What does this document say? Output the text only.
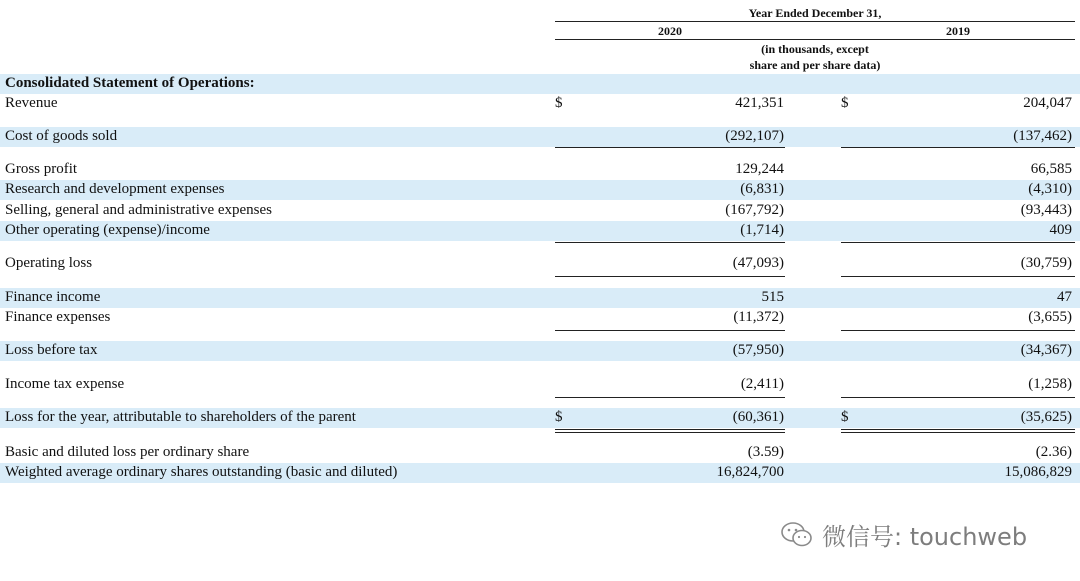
Year Ended December 31,
2020	2019
(in thousands, except
share and per share data)
Consolidated Statement of Operations:
Revenue	$	421,351	$	204,047
Cost of goods sold	(292,107)	(137,462)
Gross profit	129,244	66,585
Research and development expenses	(6,831)	(4,310)
Selling, general and administrative expenses	(167,792)	(93,443)
Other operating (expense)/income	(1,714)	409
Operating loss	(47,093)	(30,759)
Finance income	515	47
Finance expenses	(11,372)	(3,655)
Loss before tax	(57,950)	(34,367)
Income tax expense	(2,411)	(1,258)
Loss for the year, attributable to shareholders of the parent	$	(60,361)	$	(35,625)
Basic and diluted loss per ordinary share	(3.59)	(2.36)
Weighted average ordinary shares outstanding (basic and diluted)	16,824,700	15,086,829
微信号: touchweb
